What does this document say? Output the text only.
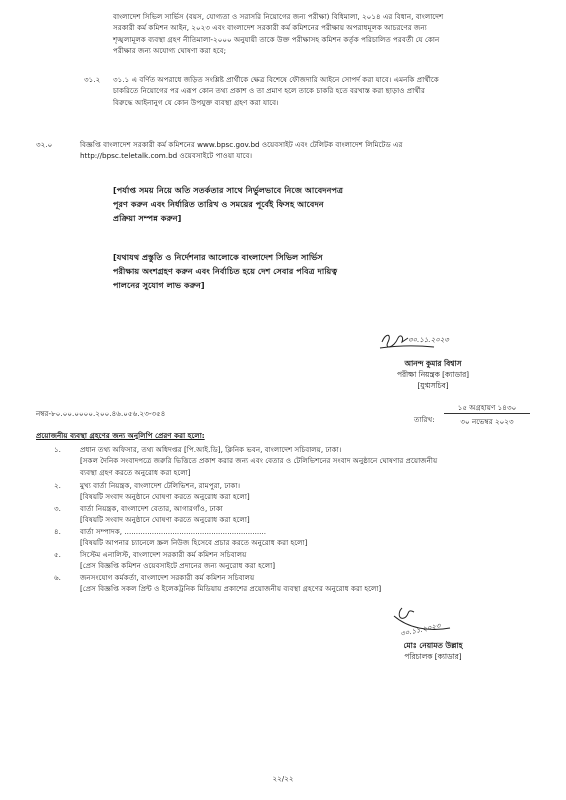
বাংলাদেশ সিভিল সার্ভিস (বয়স, যোগ্যতা ও সরাসরি নিয়োগের জন্য পরীক্ষা) বিধিমালা, ২০১৪ এর বিধান, বাংলাদেশ
সরকারী কর্ম কমিশন আইন, ২০২৩ এবং বাংলাদেশ সরকারী কর্ম কমিশনের পরীক্ষায় অপরাধমূলক আচরণের জন্য
শৃঙ্খলামূলক ব্যবস্থা গ্রহণ নীতিমালা-২০০০ অনুযায়ী তাকে উক্ত পরীক্ষাসহ কমিশন কর্তৃক পরিচালিত পরবর্তী যে কোন
পরীক্ষার জন্য অযোগ্য ঘোষণা করা হবে;
৩১.২ ৩১.১ এ বর্ণিত অপরাধে জড়িত সংশ্লিষ্ট প্রার্থীকে ক্ষেত্র বিশেষে ফৌজদারি আইনে সোপর্দ করা যাবে। এমনকি প্রার্থীকে
চাকরিতে নিয়োগের পর এরূপ কোন তথ্য প্রকাশ ও তা প্রমাণ হলে তাকে চাকরি হতে বরখাস্ত করা ছাড়াও প্রার্থীর
বিরুদ্ধে আইনানুগ যে কোন উপযুক্ত ব্যবস্থা গ্রহণ করা যাবে।
৩২.০	বিজ্ঞপ্তি বাংলাদেশ সরকারী কর্ম কমিশনের www.bpsc.gov.bd ওয়েবসাইট এবং টেলিটক বাংলাদেশ লিমিটেড এর
http://bpsc.teletalk.com.bd ওয়েবসাইটে পাওয়া যাবে।
[পর্যাপ্ত সময় নিয়ে অতি সতর্কতার সাথে নির্ভুলভাবে নিজে আবেদনপত্র
পূরণ করুন এবং নির্ধারিত তারিখ ও সময়ের পূর্বেই ফিসহ আবেদন
প্রক্রিয়া সম্পন্ন করুন]
[যথাযথ প্রস্তুতি ও নির্দেশনার আলোকে বাংলাদেশ সিভিল সার্ভিস
পরীক্ষায় অংশগ্রহণ করুন এবং নির্বাচিত হয়ে দেশ সেবার পবিত্র দায়িত্ব
পালনের সুযোগ লাভ করুন]
৩০.১১.২০২৩
আনন্দ কুমার বিশ্বাস
পরীক্ষা নিয়ন্ত্রক [ক্যাডার]
[যুগ্মসচিব]
নম্বর-৮০.০০.০০০০.২০০.৪৬.০৫৬.২৩-৩৫৪
তারিখ:
১৫ অগ্রহায়ণ ১৪৩০
৩০ নভেম্বর ২০২৩
প্রয়োজনীয় ব্যবস্থা গ্রহণের জন্য অনুলিপি প্রেরণ করা হলো:
১.	প্রধান তথ্য অফিসার, তথ্য অধিদপ্তর [পি.আই.ডি], ক্লিনিক ভবন, বাংলাদেশ সচিবালয়, ঢাকা।
[সকল দৈনিক সংবাদপত্রে জরুরি ভিত্তিতে প্রকাশ করার জন্য এবং বেতার ও টেলিভিশনের সংবাদ অনুষ্ঠানে ঘোষণার প্রয়োজনীয়
ব্যবস্থা গ্রহণ করতে অনুরোধ করা হলো]
২.	মুখ্য বার্তা নিয়ন্ত্রক, বাংলাদেশ টেলিভিশন, রামপুরা, ঢাকা।
[বিষয়টি সংবাদ অনুষ্ঠানে ঘোষণা করতে অনুরোধ করা হলো]
৩.	বার্তা নিয়ন্ত্রক, বাংলাদেশ বেতার, আগারগাঁও, ঢাকা
[বিষয়টি সংবাদ অনুষ্ঠানে ঘোষণা করতে অনুরোধ করা হলো]
৪.	বার্তা সম্পাদক, ..............................................................
[বিষয়টি আপনার চ্যানেলে স্ক্রল নিউজ হিসেবে প্রচার করতে অনুরোধ করা হলো]
৫.	সিস্টেম এনালিস্ট, বাংলাদেশ সরকারী কর্ম কমিশন সচিবালয়
[প্রেস বিজ্ঞপ্তি কমিশন ওয়েবসাইটে প্রদানের জন্য অনুরোধ করা হলো]
৬.	জনসংযোগ কর্মকর্তা, বাংলাদেশ সরকারী কর্ম কমিশন সচিবালয়
[প্রেস বিজ্ঞপ্তি সকল প্রিন্ট ও ইলেকট্রনিক মিডিয়ায় প্রকাশের প্রয়োজনীয় ব্যবস্থা গ্রহণের অনুরোধ করা হলো]
৩০.১১.২০২৩
মোঃ নেয়ামত উল্লাহ
পরিচালক [ক্যাডার]
২২/২২
